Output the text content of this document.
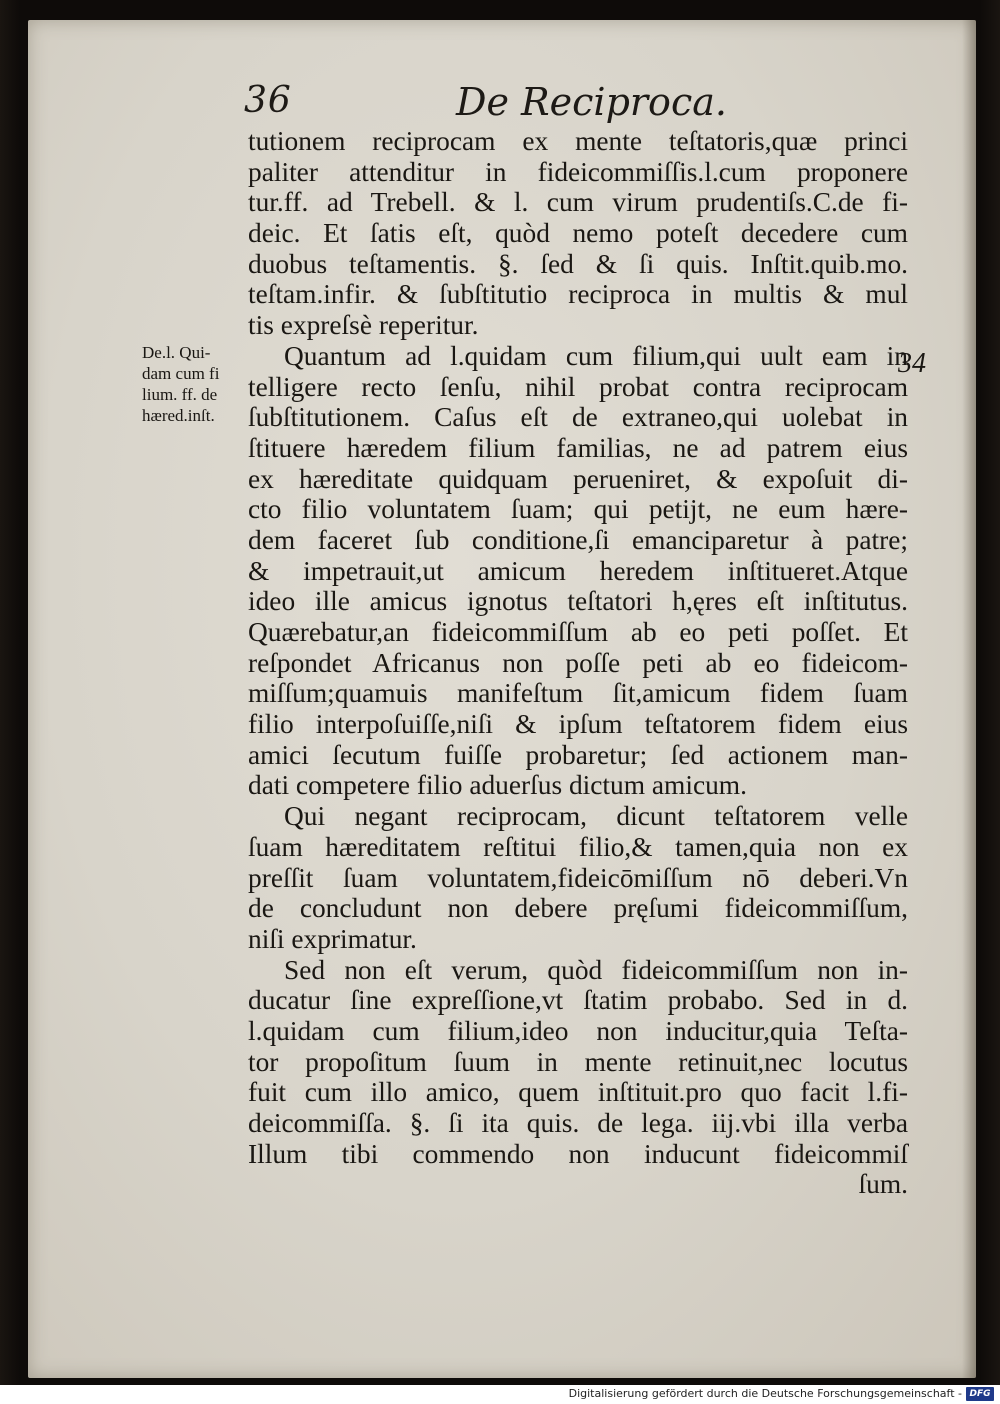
36	De Reciproca.
De.l. Qui-
dam cum fi
lium. ff. de
hæred.inſt.
34
tutionem reciprocam ex mente teſtatoris,quæ princi
paliter attenditur in fideicommiſſis.l.cum proponere
tur.ff. ad Trebell. & l. cum virum prudentiſs.C.de fi-
deic. Et ſatis eſt, quòd nemo poteſt decedere cum
duobus teſtamentis. §. ſed & ſi quis. Inſtit.quib.mo.
teſtam.infir. & ſubſtitutio reciproca in multis & mul
tis expreſsè reperitur.
Quantum ad l.quidam cum filium,qui uult eam in
telligere recto ſenſu, nihil probat contra reciprocam
ſubſtitutionem. Caſus eſt de extraneo,qui uolebat in
ſtituere hæredem filium familias, ne ad patrem eius
ex hæreditate quidquam perueniret, & expoſuit di-
cto filio voluntatem ſuam; qui petijt, ne eum hære-
dem faceret ſub conditione,ſi emanciparetur à patre;
& impetrauit,ut amicum heredem inſtitueret.Atque
ideo ille amicus ignotus teſtatori h,ęres eſt inſtitutus.
Quærebatur,an fideicommiſſum ab eo peti poſſet. Et
reſpondet Africanus non poſſe peti ab eo fideicom-
miſſum;quamuis manifeſtum ſit,amicum fidem ſuam
filio interpoſuiſſe,niſi & ipſum teſtatorem fidem eius
amici ſecutum fuiſſe probaretur; ſed actionem man-
dati competere filio aduerſus dictum amicum.
Qui negant reciprocam, dicunt teſtatorem velle
ſuam hæreditatem reſtitui filio,& tamen,quia non ex
preſſit ſuam voluntatem,fideicōmiſſum nō deberi.Vn
de concludunt non debere pręſumi fideicommiſſum,
niſi exprimatur.
Sed non eſt verum, quòd fideicommiſſum non in-
ducatur ſine expreſſione,vt ſtatim probabo. Sed in d.
l.quidam cum filium,ideo non inducitur,quia Teſta-
tor propoſitum ſuum in mente retinuit,nec locutus
fuit cum illo amico, quem inſtituit.pro quo facit l.fi-
deicommiſſa. §. ſi ita quis. de lega. iij.vbi illa verba
Illum tibi commendo non inducunt fideicommiſ
ſum.
Digitalisierung gefördert durch die Deutsche Forschungsgemeinschaft - DFG
